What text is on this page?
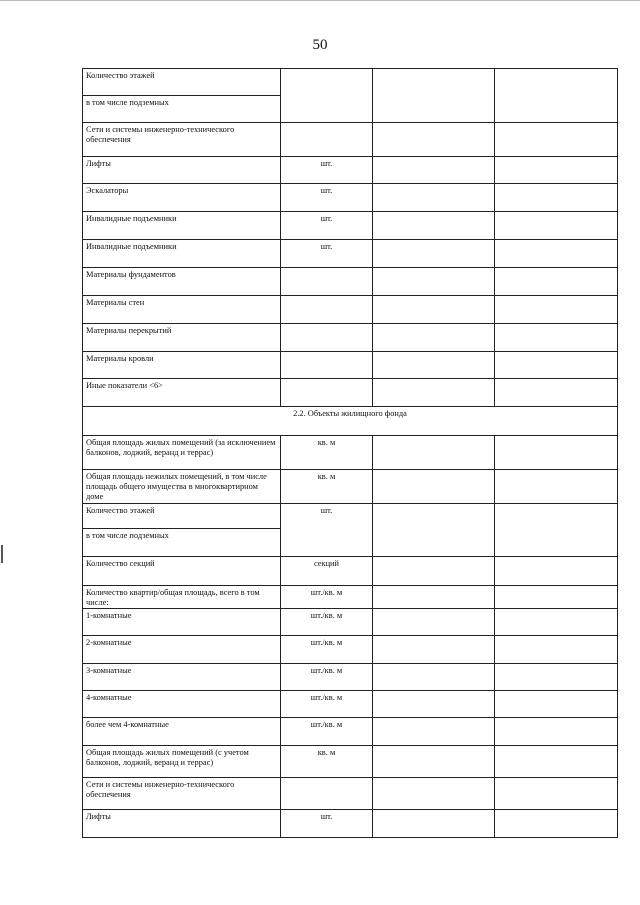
50
Количество этажей			
в том числе подземных			
Сети и системы инженерно-технического обеспечения			
Лифты	шт.		
Эскалаторы	шт.		
Инвалидные подъемники	шт.		
Инвалидные подъемники	шт.		
Материалы фундаментов			
Материалы стен			
Материалы перекрытий			
Материалы кровли			
Иные показатели <6>			
2.2. Объекты жилищного фонда			
Общая площадь жилых помещений (за исключением балконов, лоджий, веранд и террас)	кв. м		
Общая площадь нежилых помещений, в том числе площадь общего имущества в многоквартирном доме	кв. м		
Количество этажей	шт.		
в том числе подземных			
Количество секций	секций		
Количество квартир/общая площадь, всего в том числе:	шт./кв. м		
1-комнатные	шт./кв. м		
2-комнатные	шт./кв. м		
3-комнатные	шт./кв. м		
4-комнатные	шт./кв. м		
более чем 4-комнатные	шт./кв. м		
Общая площадь жилых помещений (с учетом балконов, лоджий, веранд и террас)	кв. м		
Сети и системы инженерно-технического обеспечения			
Лифты	шт.		
